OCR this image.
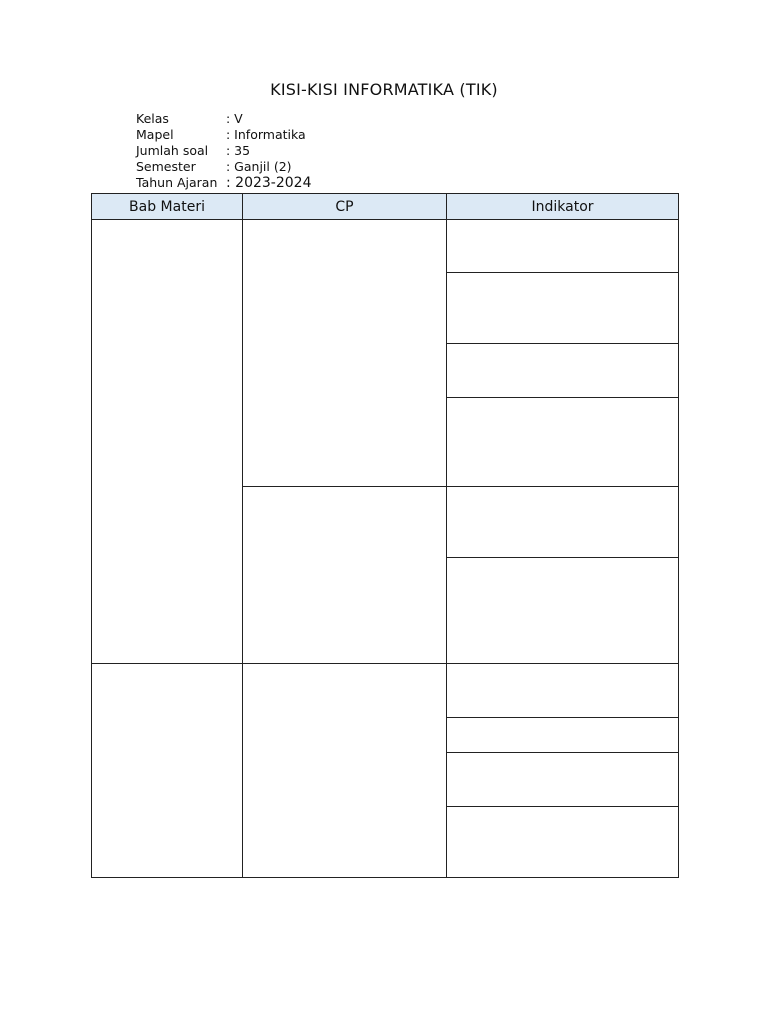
KISI-KISI INFORMATIKA (TIK)
Kelas	: V
Mapel	: Informatika
Jumlah soal	: 35
Semester	: Ganjil (2)
Tahun Ajaran : 2023-2024
Bab Materi	CP	Indikator
